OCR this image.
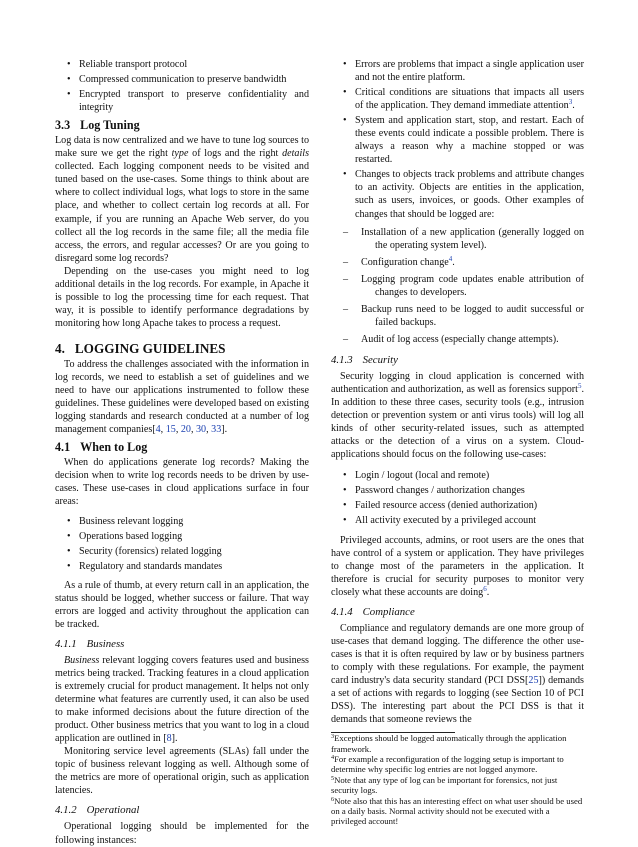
• Reliable transport protocol
• Compressed communication to preserve bandwidth
• Encrypted transport to preserve confidentiality and integrity
3.3 Log Tuning

Log data is now centralized and we have to tune log sources to make sure we get the right type of logs and the right details collected. Each logging component needs to be visited and tuned based on the use-cases. Some things to think about are where to collect individual logs, what logs to store in the same place, and whether to collect certain log records at all. For example, if you are running an Apache Web server, do you collect all the log records in the same file; all the media file access, the errors, and regular accesses? Or are you going to disregard some log records?

Depending on the use-cases you might need to log additional details in the log records. For example, in Apache it is possible to log the processing time for each request. That way, it is possible to identify performance degradations by monitoring how long Apache takes to process a request.

4. LOGGING GUIDELINES

To address the challenges associated with the information in log records, we need to establish a set of guidelines and we need to have our applications instrumented to follow these guidelines. These guidelines were developed based on existing logging standards and research conducted at a number of log management companies[4, 15, 20, 30, 33].

4.1 When to Log

When do applications generate log records? Making the decision when to write log records needs to be driven by use-cases. These use-cases in cloud applications surface in four areas:

• Business relevant logging
• Operations based logging
• Security (forensics) related logging
• Regulatory and standards mandates

As a rule of thumb, at every return call in an application, the status should be logged, whether success or failure. That way errors are logged and activity throughout the application can be tracked.

4.1.1 Business

Business relevant logging covers features used and business metrics being tracked. Tracking features in a cloud application is extremely crucial for product management. It helps not only determine what features are currently used, it can also be used to make informed decisions about the future direction of the product. Other business metrics that you want to log in a cloud application are outlined in [8].

Monitoring service level agreements (SLAs) fall under the topic of business relevant logging as well. Although some of the metrics are more of operational origin, such as application latencies.

4.1.2 Operational

Operational logging should be implemented for the following instances:

• Errors are problems that impact a single application user and not the entire platform.
• Critical conditions are situations that impacts all users of the application. They demand immediate attention$^3$.
• System and application start, stop, and restart. Each of these events could indicate a possible problem. There is always a reason why a machine stopped or was restarted.
• Changes to objects track problems and attribute changes to an activity. Objects are entities in the application, such as users, invoices, or goods. Other examples of changes that should be logged are:
– Installation of a new application (generally logged on the operating system level).
– Configuration change$^4$.
– Logging program code updates enable attribution of changes to developers.
– Backup runs need to be logged to audit successful or failed backups.
– Audit of log access (especially change attempts).
4.1.3 Security

Security logging in cloud application is concerned with authentication and authorization, as well as forensics support$^5$. In addition to these three cases, security tools (e.g., intrusion detection or prevention system or anti virus tools) will log all kinds of other security-related issues, such as attempted attacks or the detection of a virus on a system. Cloud-applications should focus on the following use-cases:

• Login / logout (local and remote)
• Password changes / authorization changes
• Failed resource access (denied authorization)
• All activity executed by a privileged account

Privileged accounts, admins, or root users are the ones that have control of a system or application. They have privileges to change most of the parameters in the application. It therefore is crucial for security purposes to monitor very closely what these accounts are doing$^6$.

4.1.4 Compliance

Compliance and regulatory demands are one more group of use-cases that demand logging. The difference the other use-cases is that it is often required by law or by business partners to comply with these regulations. For example, the payment card industry's data security standard (PCI DSS[25]) demands a set of actions with regards to logging (see Section 10 of PCI DSS). The interesting part about the PCI DSS is that it demands that someone reviews the

$^3$Exceptions should be logged automatically through the application framework.

$^4$For example a reconfiguration of the logging setup is important to determine why specific log entries are not logged anymore.

$^5$Note that any type of log can be important for forensics, not just security logs.

$^6$Note also that this has an interesting effect on what user should be used on a daily basis. Normal activity should not be executed with a privileged account!
